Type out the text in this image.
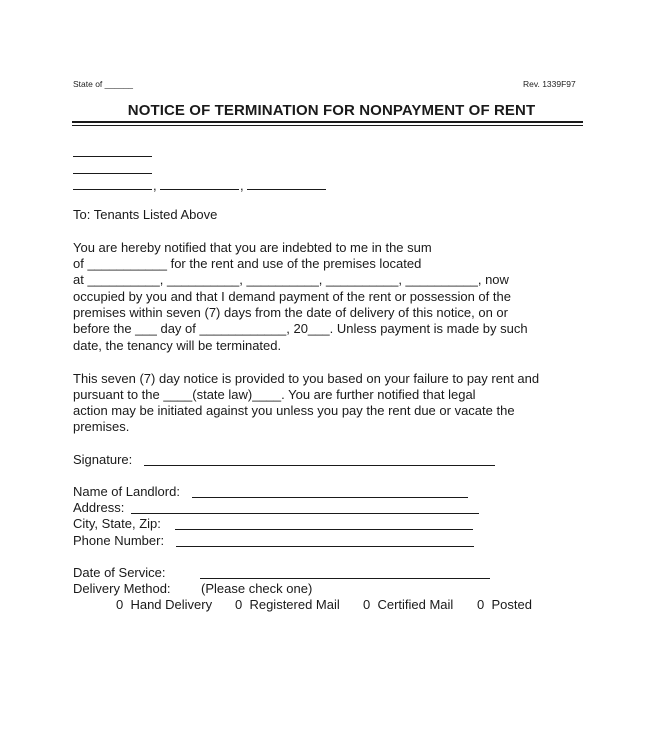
State of ______	Rev. 1339F97
NOTICE OF TERMINATION FOR NONPAYMENT OF RENT
,	,
To: Tenants Listed Above
You are hereby notified that you are indebted to me in the sum
of ___________ for the rent and use of the premises located
at __________, __________, __________, __________, __________, now
occupied by you and that I demand payment of the rent or possession of the
premises within seven (7) days from the date of delivery of this notice, on or
before the ___ day of ____________, 20___. Unless payment is made by such
date, the tenancy will be terminated.
This seven (7) day notice is provided to you based on your failure to pay rent and
pursuant to the ____(state law)____. You are further notified that legal
action may be initiated against you unless you pay the rent due or vacate the
premises.
Signature:
Name of Landlord:
Address:
City, State, Zip:
Phone Number:
Date of Service:
Delivery Method: (Please check one)
0  Hand Delivery 0  Registered Mail 0  Certified Mail 0  Posted
